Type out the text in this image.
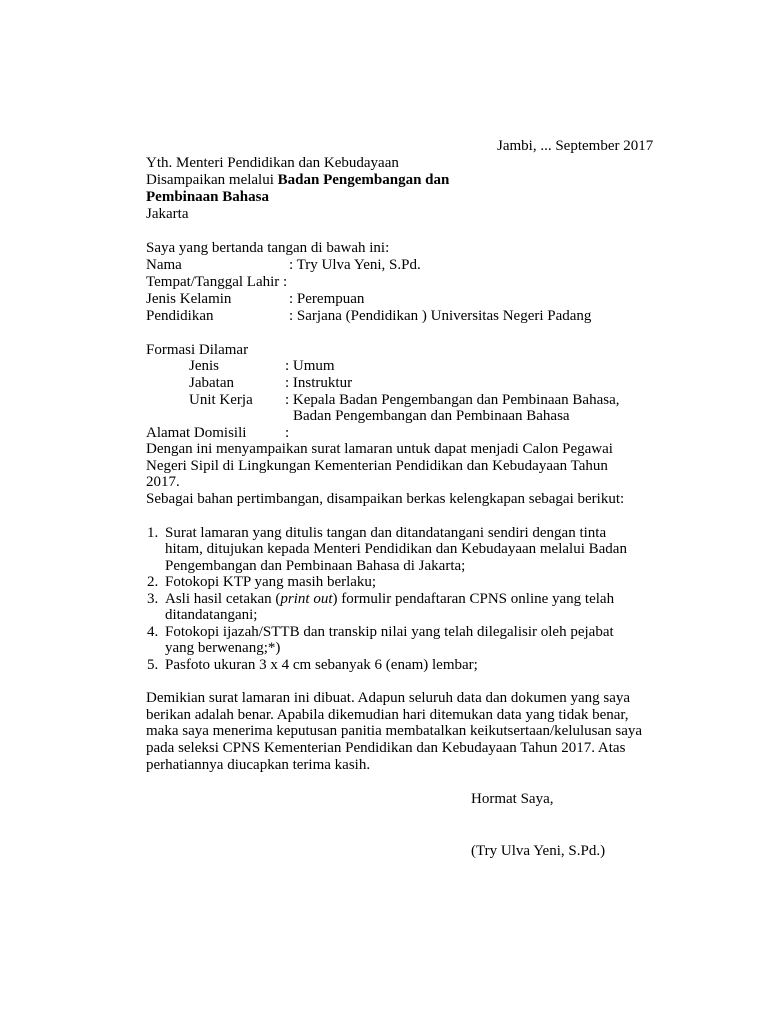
Jambi, ... September 2017
Yth. Menteri Pendidikan dan Kebudayaan
Disampaikan melalui Badan Pengembangan dan
Pembinaan Bahasa
Jakarta
Saya yang bertanda tangan di bawah ini:
Nama	: Try Ulva Yeni, S.Pd.
Tempat/Tanggal Lahir :
Jenis Kelamin	: Perempuan
Pendidikan	: Sarjana (Pendidikan ) Universitas Negeri Padang
Formasi Dilamar
Jenis	: Umum
Jabatan	: Instruktur
Unit Kerja : Kepala Badan Pengembangan dan Pembinaan Bahasa,
Badan Pengembangan dan Pembinaan Bahasa
Alamat Domisili	:
Dengan ini menyampaikan surat lamaran untuk dapat menjadi Calon Pegawai
Negeri Sipil di Lingkungan Kementerian Pendidikan dan Kebudayaan Tahun
2017.
Sebagai bahan pertimbangan, disampaikan berkas kelengkapan sebagai berikut:
1. Surat lamaran yang ditulis tangan dan ditandatangani sendiri dengan tinta
hitam, ditujukan kepada Menteri Pendidikan dan Kebudayaan melalui Badan
Pengembangan dan Pembinaan Bahasa di Jakarta;
2. Fotokopi KTP yang masih berlaku;
3. Asli hasil cetakan (print out) formulir pendaftaran CPNS online yang telah
ditandatangani;
4. Fotokopi ijazah/STTB dan transkip nilai yang telah dilegalisir oleh pejabat
yang berwenang;*)
5. Pasfoto ukuran 3 x 4 cm sebanyak 6 (enam) lembar;
Demikian surat lamaran ini dibuat. Adapun seluruh data dan dokumen yang saya
berikan adalah benar. Apabila dikemudian hari ditemukan data yang tidak benar,
maka saya menerima keputusan panitia membatalkan keikutsertaan/kelulusan saya
pada seleksi CPNS Kementerian Pendidikan dan Kebudayaan Tahun 2017. Atas
perhatiannya diucapkan terima kasih.
Hormat Saya,
(Try Ulva Yeni, S.Pd.)
